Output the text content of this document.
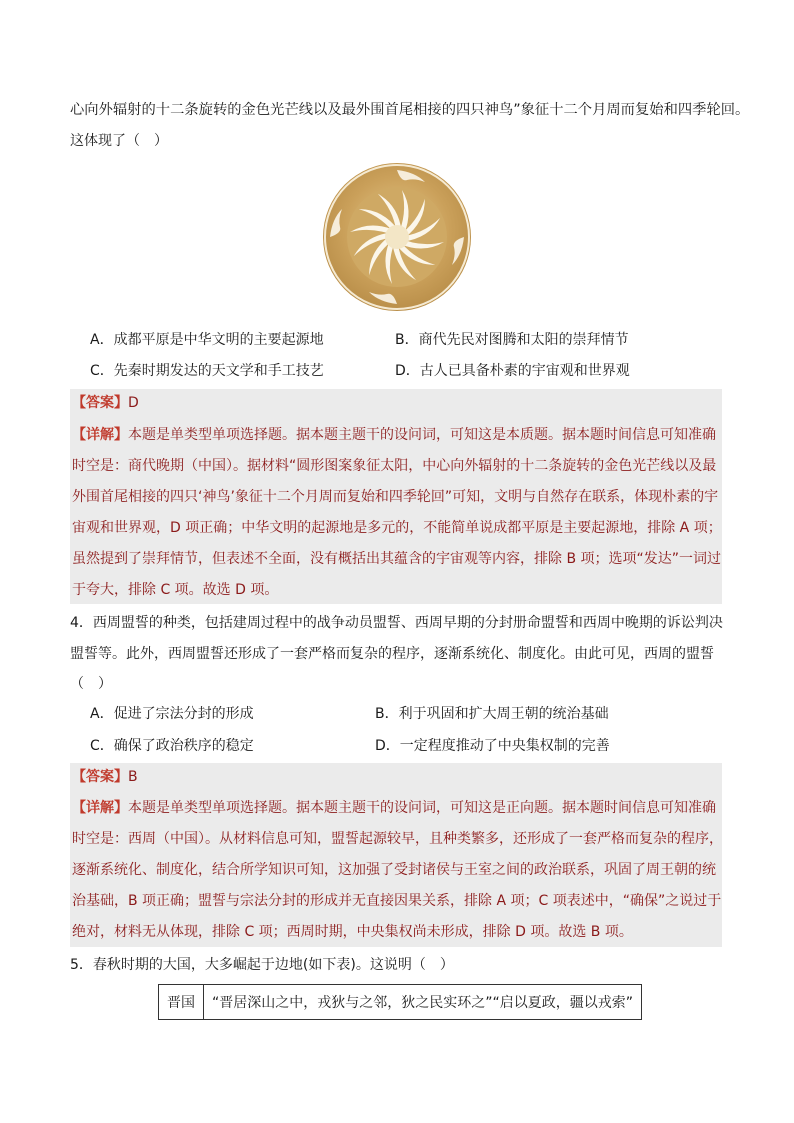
心向外辐射的十二条旋转的金色光芒线以及最外围首尾相接的四只神鸟”象征十二个月周而复始和四季轮回。
这体现了（　）
A．成都平原是中华文明的主要起源地	B．商代先民对图腾和太阳的崇拜情节
C．先秦时期发达的天文学和手工技艺	D．古人已具备朴素的宇宙观和世界观
【答案】D
【详解】本题是单类型单项选择题。据本题主题干的设问词，可知这是本质题。据本题时间信息可知准确
时空是：商代晚期（中国）。据材料“圆形图案象征太阳，中心向外辐射的十二条旋转的金色光芒线以及最
外围首尾相接的四只‘神鸟’象征十二个月周而复始和四季轮回”可知，文明与自然存在联系，体现朴素的宇
宙观和世界观，D 项正确；中华文明的起源地是多元的，不能简单说成都平原是主要起源地，排除 A 项；
虽然提到了崇拜情节，但表述不全面，没有概括出其蕴含的宇宙观等内容，排除 B 项；选项“发达”一词过
于夸大，排除 C 项。故选 D 项。
4．西周盟誓的种类，包括建周过程中的战争动员盟誓、西周早期的分封册命盟誓和西周中晚期的诉讼判决
盟誓等。此外，西周盟誓还形成了一套严格而复杂的程序，逐渐系统化、制度化。由此可见，西周的盟誓
（　）
A．促进了宗法分封的形成	B．利于巩固和扩大周王朝的统治基础
C．确保了政治秩序的稳定	D．一定程度推动了中央集权制的完善
【答案】B
【详解】本题是单类型单项选择题。据本题主题干的设问词，可知这是正向题。据本题时间信息可知准确
时空是：西周（中国）。从材料信息可知，盟誓起源较早，且种类繁多，还形成了一套严格而复杂的程序，
逐渐系统化、制度化，结合所学知识可知，这加强了受封诸侯与王室之间的政治联系，巩固了周王朝的统
治基础，B 项正确；盟誓与宗法分封的形成并无直接因果关系，排除 A 项；C 项表述中，“确保”之说过于
绝对，材料无从体现，排除 C 项；西周时期，中央集权尚未形成，排除 D 项。故选 B 项。
5．春秋时期的大国，大多崛起于边地(如下表)。这说明（　）
晋国	“晋居深山之中，戎狄与之邻，狄之民实环之”“启以夏政，疆以戎索”
